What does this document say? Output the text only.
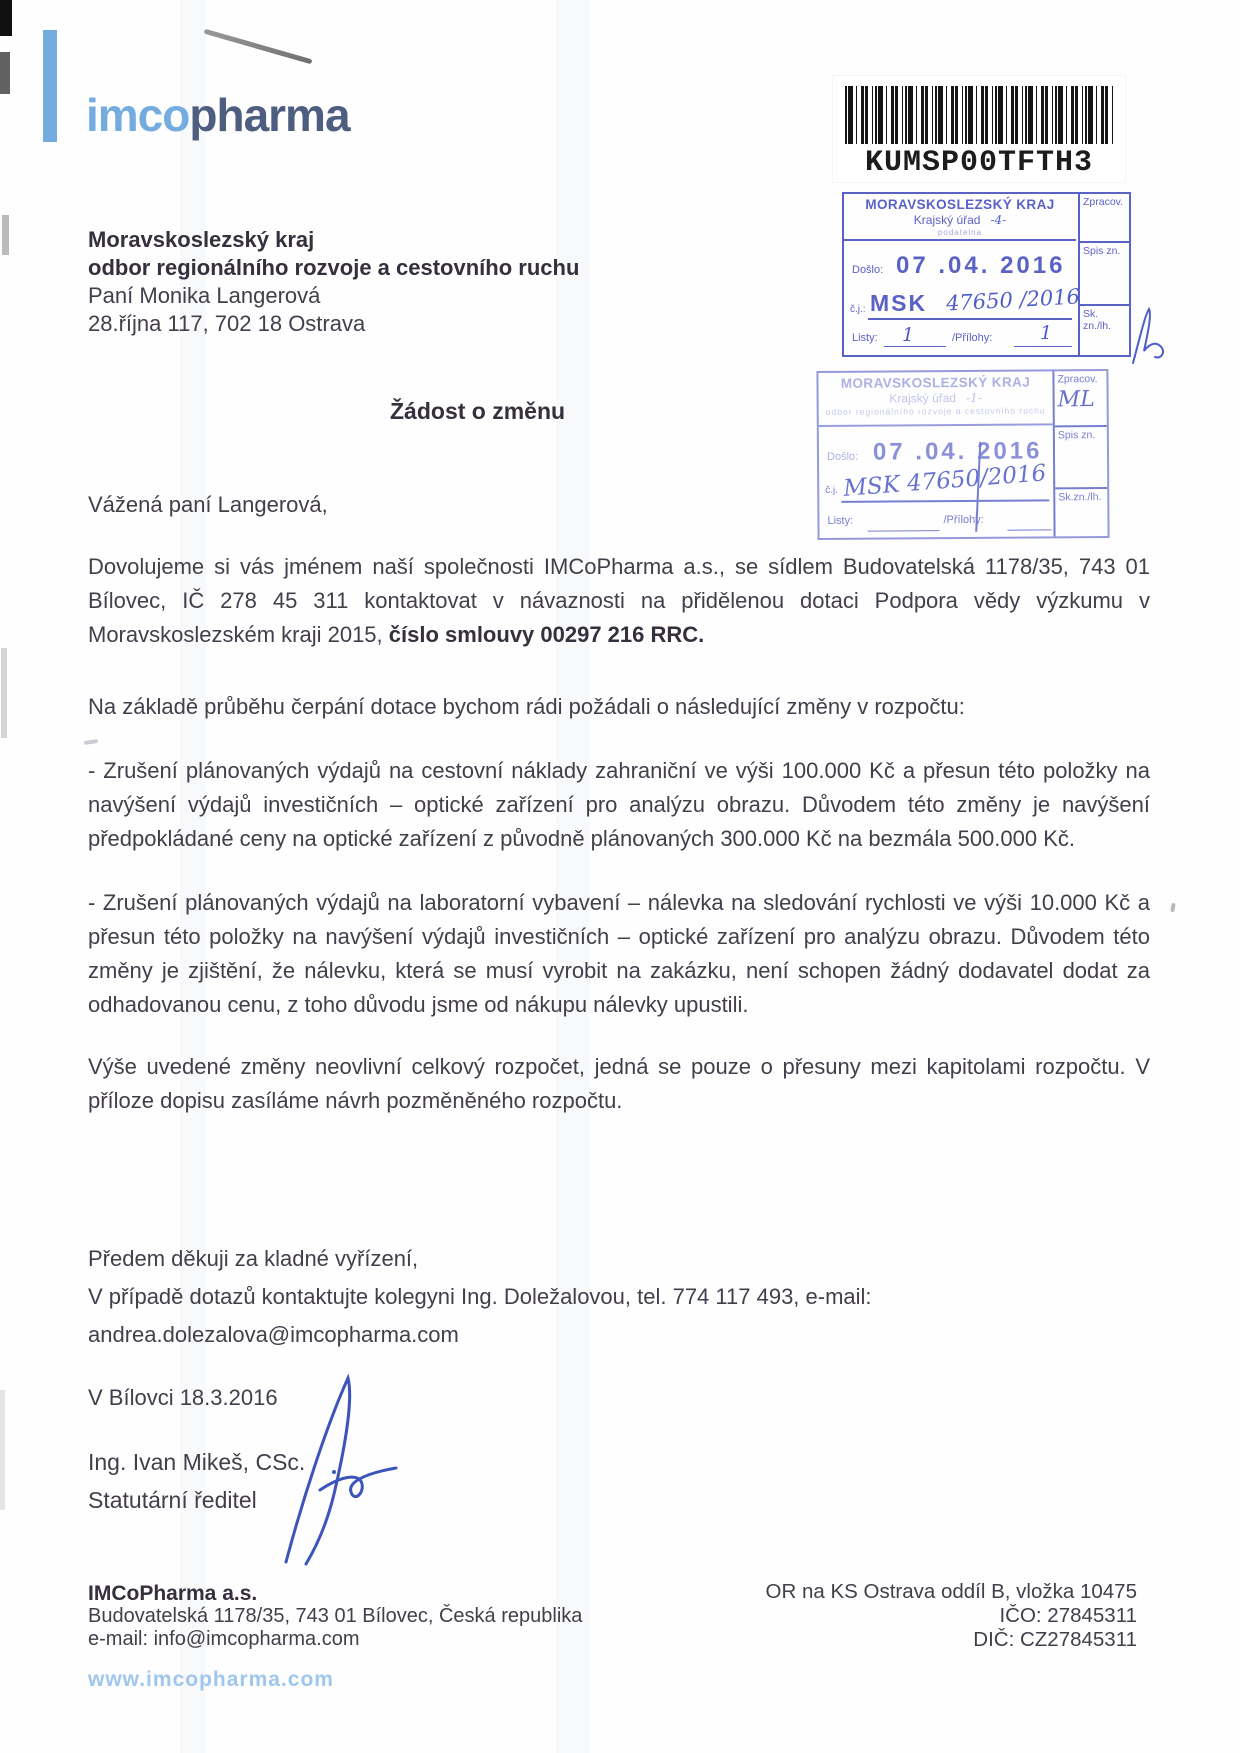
imcopharma
KUMSP00TFTH3
MORAVSKOSLEZSKÝ KRAJ
Krajský úřad -4-
podatelna
Zpracov.
Spis zn.
Sk. zn./lh.
Došlo: 07 .04. 2016
č.j.: MSK 47650 /2016
Listy: 1	/Přílohy:	1
MORAVSKOSLEZSKÝ KRAJ
Krajský úřad -1-
odbor regionálního rozvoje a cestovního ruchu
Zpracov.
ML
Spis zn.
Sk.zn./lh.
Došlo: 07 .04. 2016
č.j. MSK 47650/2016
Listy:	/Přílohy:
Moravskoslezský kraj
odbor regionálního rozvoje a cestovního ruchu
Paní Monika Langerová
28.října 117, 702 18 Ostrava
Žádost o změnu
Vážená paní Langerová,

Dovolujeme si vás jménem naší společnosti IMCoPharma a.s., se sídlem Budovatelská 1178/35, 743 01 Bílovec, IČ 278 45 311 kontaktovat v návaznosti na přidělenou dotaci Podpora vědy výzkumu v Moravskoslezském kraji 2015, číslo smlouvy 00297 216 RRC.

Na základě průběhu čerpání dotace bychom rádi požádali o následující změny v rozpočtu:

- Zrušení plánovaných výdajů na cestovní náklady zahraniční ve výši 100.000 Kč a přesun této položky na navýšení výdajů investičních – optické zařízení pro analýzu obrazu. Důvodem této změny je navýšení předpokládané ceny na optické zařízení z původně plánovaných 300.000 Kč na bezmála 500.000 Kč.

- Zrušení plánovaných výdajů na laboratorní vybavení – nálevka na sledování rychlosti ve výši 10.000 Kč a přesun této položky na navýšení výdajů investičních – optické zařízení pro analýzu obrazu. Důvodem této změny je zjištění, že nálevku, která se musí vyrobit na zakázku, není schopen žádný dodavatel dodat za odhadovanou cenu, z toho důvodu jsme od nákupu nálevky upustili.

Výše uvedené změny neovlivní celkový rozpočet, jedná se pouze o přesuny mezi kapitolami rozpočtu. V příloze dopisu zasíláme návrh pozměněného rozpočtu.

Předem děkuji za kladné vyřízení,
V případě dotazů kontaktujte kolegyni Ing. Doležalovou, tel. 774 117 493, e-mail:
andrea.dolezalova@imcopharma.com
V Bílovci 18.3.2016
Ing. Ivan Mikeš, CSc.
Statutární ředitel
IMCoPharma a.s.
Budovatelská 1178/35, 743 01 Bílovec, Česká republika
e-mail: info@imcopharma.com
OR na KS Ostrava oddíl B, vložka 10475
IČO: 27845311
DIČ: CZ27845311
www.imcopharma.com
